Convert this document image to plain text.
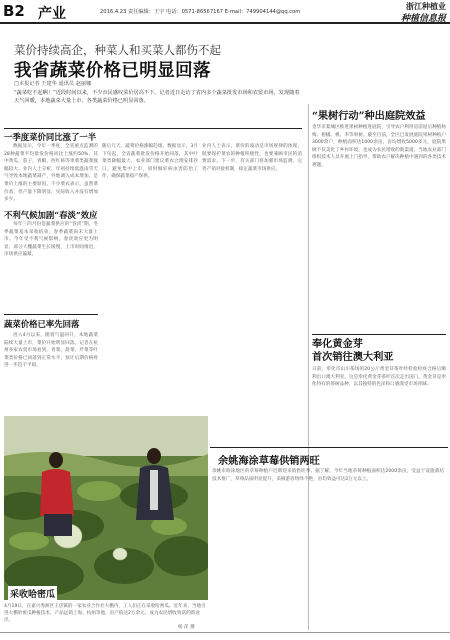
B2 产业	2016.4.23 责任编辑：王宇 电话：0571-86567167 E-mail：749904144@qq.com
浙江种植业
种植信息报
菜价持续高企，种菜人和买菜人都伤不起
我省蔬菜价格已明显回落
□本报记者 王建华 通讯员 赵丽娜
“蔬菜吃不起啊！”近段时间以来，不少市民感叹菜价居高不下。记者近日走访了省内多个蔬菜批发市场和农贸市场，发现随着天气回暖，本地蔬菜大量上市，各类蔬菜价格已明显回落。
一季度菜价同比涨了一半

数据显示，今年一季度，全省重点监测的28种蔬菜平均批发价格同比上涨约50%，其中黄瓜、茄子、青椒、西红柿等果菜类蔬菜涨幅较大。业内人士分析，年初持续低温雨雪天气导致本地蔬菜减产，外地调入成本增加，是菜价上涨的主要原因。不少菜农表示，虽然菜价高，但产量下降明显，实际收入并没有增加多少。

随后几天，蔬菜价格涨幅趋缓。数据显示，3月下旬起，全省蔬菜批发价格开始回落，其中叶菜类降幅最大。农业部门建议菜农合理安排茬口，避免集中上市，同时做好病虫害防治工作，确保蔬菜稳产保供。

业内人士表示，菜价的波动是市场规律的体现，既要保护菜农的种植积极性，也要兼顾市民的消费需求。下一步，有关部门将加强市场监测，完善产销对接机制，稳定蔬菜市场供应。

不利气候加剧“春淡”效应

每年三四月份是蔬菜供应的“春淡”期，冬季蔬菜基本采收结束，春季蔬菜尚未大量上市。今年受不利气候影响，春淡效应更为明显，部分大棚蔬菜生长缓慢，上市时间推迟，市场供应偏紧。

蔬菜价格已率先回落

进入4月以来，随着气温回升，本地蔬菜陆续大量上市，菜价开始明显回落。记者在杭州多家农贸市场看到，青菜、菠菜、芹菜等叶菜类价格已回落到正常水平，预计后期价格将进一步趋于平稳。

“果树行动”种出庭院效益

金华市婺城区推进果树种植进庭院，引导农户利用房前屋后种植杨梅、柑橘、桃、李等果树。截至目前，全区已发展庭院果树种植户3000余户，种植面积达1000余亩，亩均增收5000多元。庭院果树不仅美化了乡村环境，也成为农民增收的新渠道。当地农业部门组织技术人员开展上门指导，帮助农户解决种植中遇到的各类技术难题。

奉化黄金芽
首次销往澳大利亚

日前，奉化市山川茶场的20公斤黄金芽茶叶经检验检疫合格后顺利出口澳大利亚，这是奉化黄金芽茶叶首次走出国门。黄金芽是奉化特有的茶树品种，以其独特的色泽和口感深受市场青睐。

余姚海涂草莓供销两旺

余姚市海涂地区的草莓种植户近期迎来销售旺季。据了解，今年当地草莓种植面积达2000余亩，受益于设施栽培技术推广，草莓品质明显提升，采摘游客络绎不绝，亩均效益可达2万元以上。

采收哈密瓜
4月19日，在嘉兴秀洲区王店镇的一家农业合作社大棚内，工人们正在采收哈密瓜。近年来，当地引进大棚哈密瓜种植技术，产品远销上海、杭州等地，亩产值达2万余元，成为农民增收致富的新途径。
杨 萍 摄
